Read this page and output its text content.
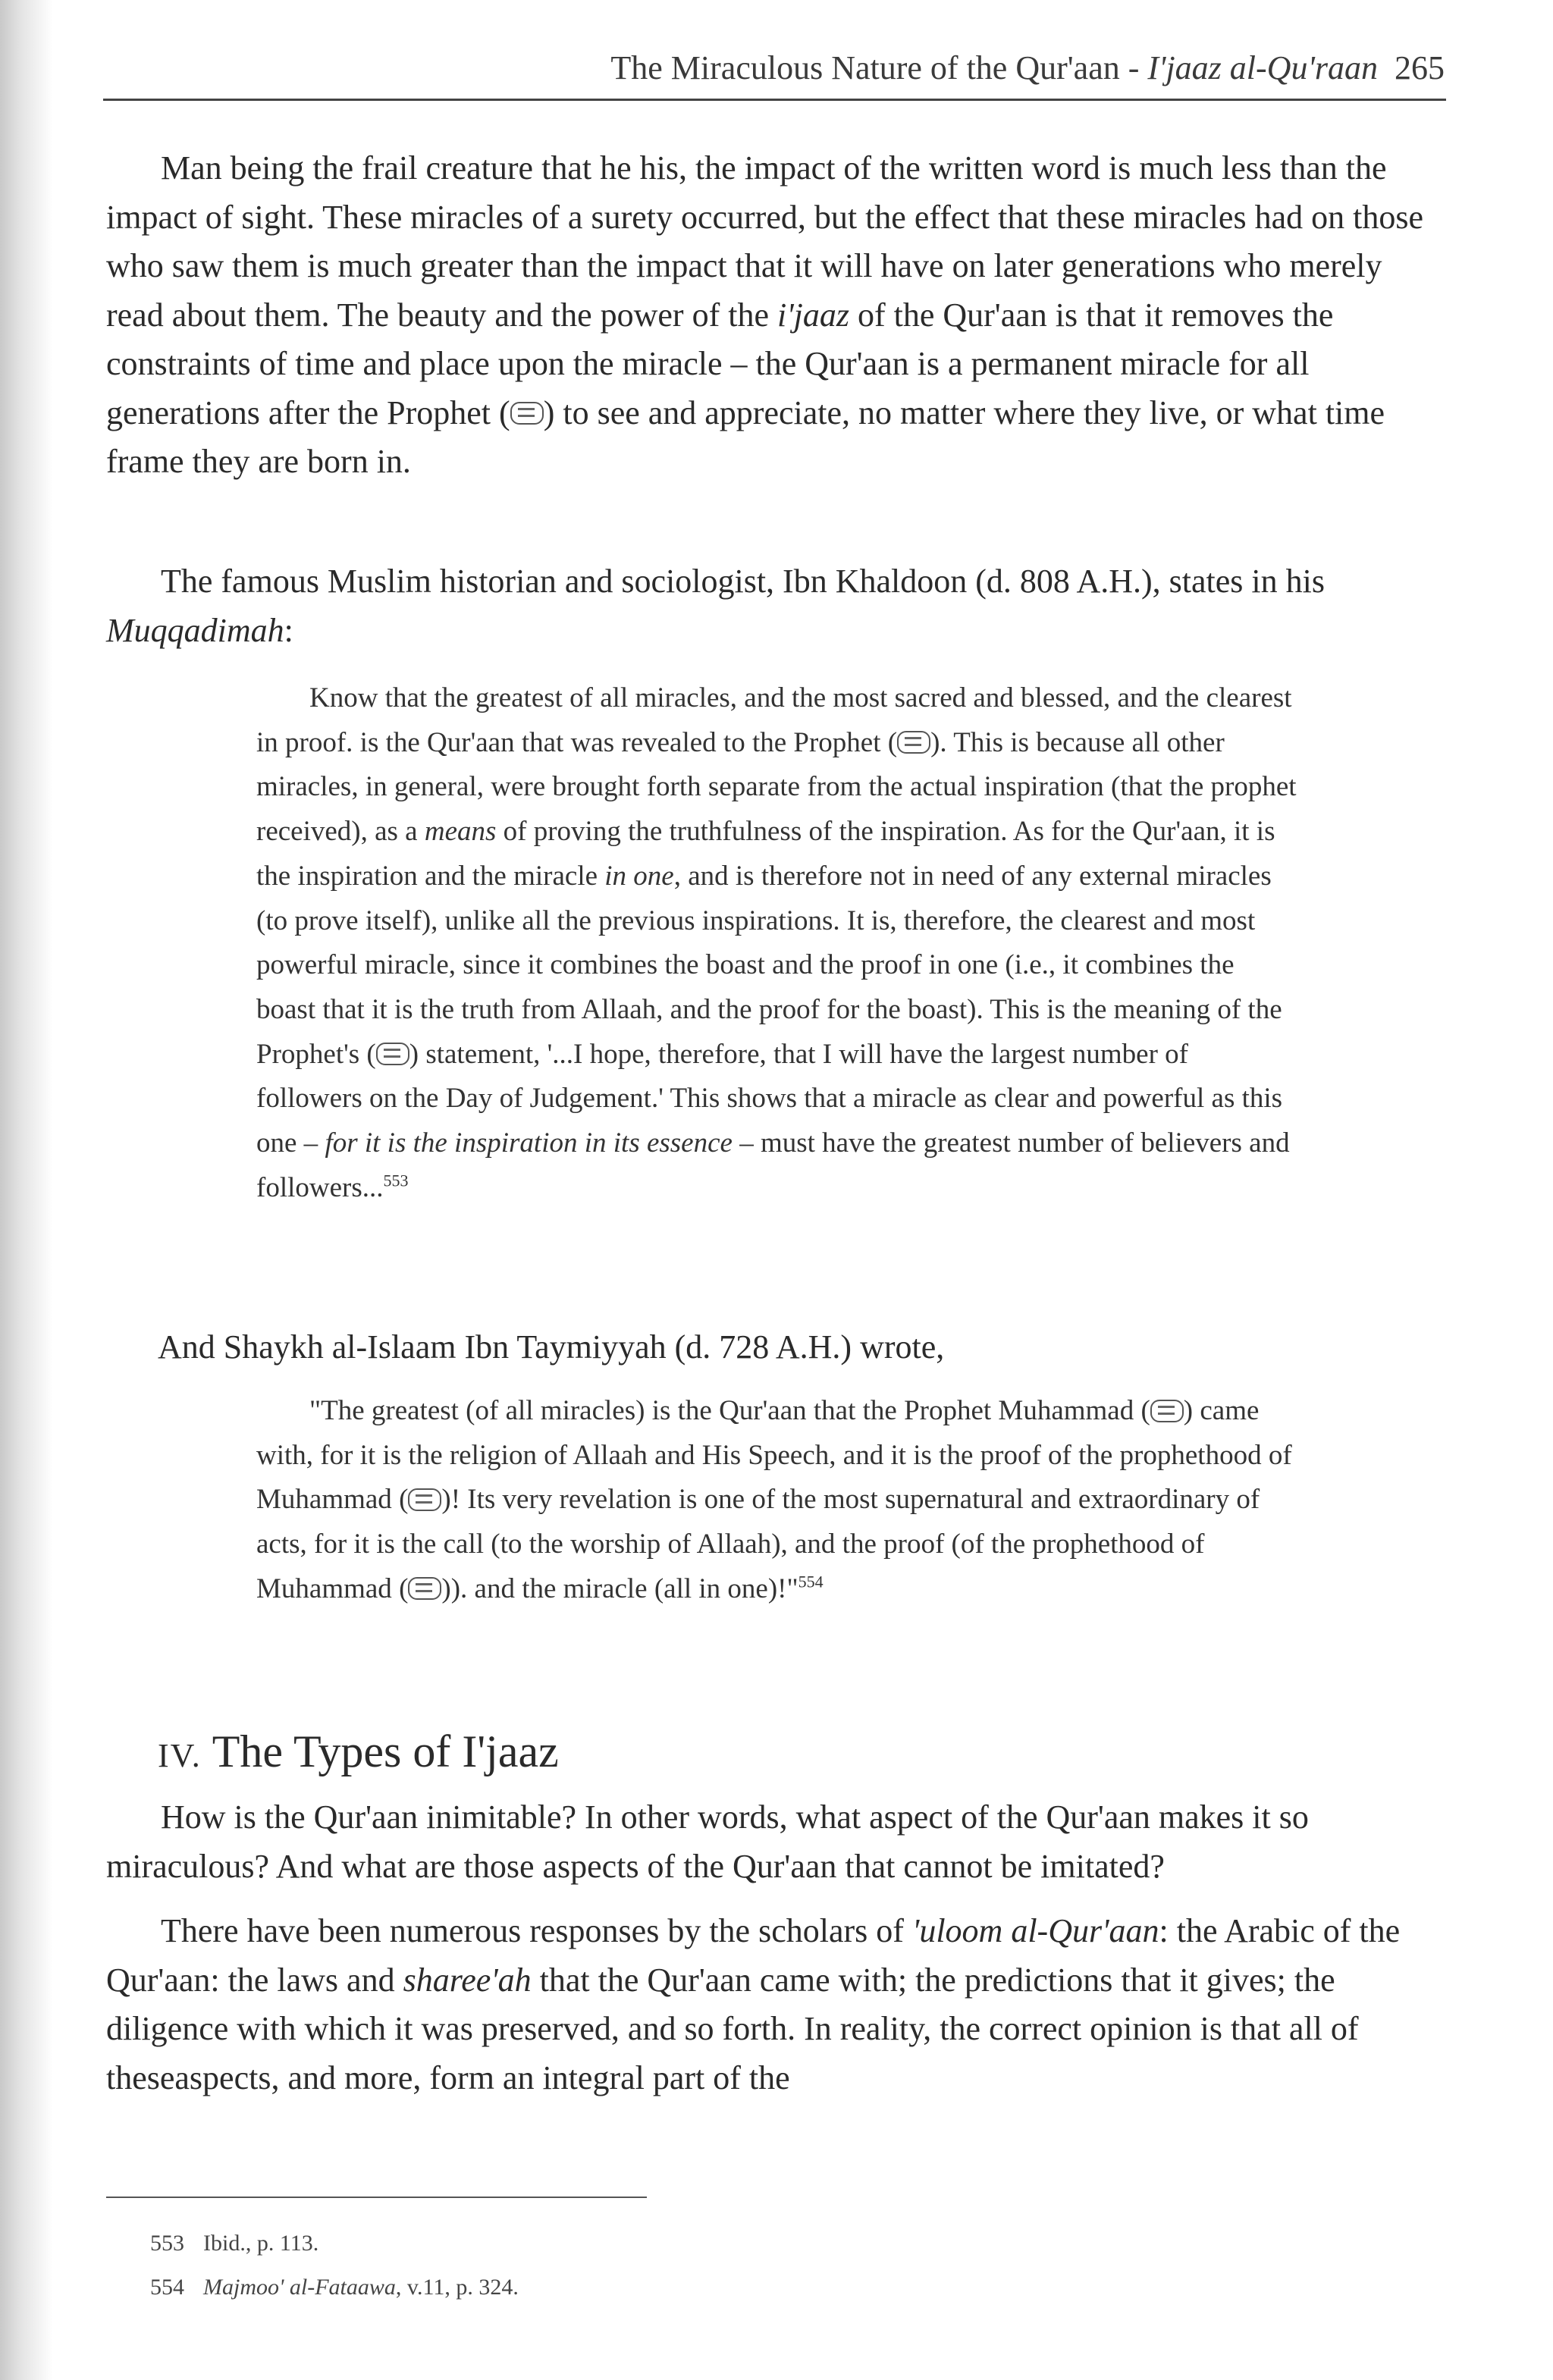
The Miraculous Nature of the Qur'aan - I'jaaz al-Qu'raan 265

Man being the frail creature that he his, the impact of the written word is much less than the impact of sight. These miracles of a surety occurred, but the effect that these miracles had on those who saw them is much greater than the impact that it will have on later generations who merely read about them. The beauty and the power of the i'jaaz of the Qur'aan is that it removes the constraints of time and place upon the miracle – the Qur'aan is a permanent miracle for all generations after the Prophet ( ) to see and appreciate, no matter where they live, or what time frame they are born in.

The famous Muslim historian and sociologist, Ibn Khaldoon (d. 808 A.H.), states in his Muqqadimah:

Know that the greatest of all miracles, and the most sacred and blessed, and the clearest in proof. is the Qur'aan that was revealed to the Prophet ( ). This is because all other miracles, in general, were brought forth separate from the actual inspiration (that the prophet received), as a means of proving the truthfulness of the inspiration. As for the Qur'aan, it is the inspiration and the miracle in one, and is therefore not in need of any external miracles (to prove itself), unlike all the previous inspirations. It is, therefore, the clearest and most powerful miracle, since it combines the boast and the proof in one (i.e., it combines the boast that it is the truth from Allaah, and the proof for the boast). This is the meaning of the Prophet's ( ) statement, '...I hope, therefore, that I will have the largest number of followers on the Day of Judgement.' This shows that a miracle as clear and powerful as this one – for it is the inspiration in its essence – must have the greatest number of believers and followers...$^{553}$

And Shaykh al-Islaam Ibn Taymiyyah (d. 728 A.H.) wrote,

"The greatest (of all miracles) is the Qur'aan that the Prophet Muhammad ( ) came with, for it is the religion of Allaah and His Speech, and it is the proof of the prophethood of Muhammad ( )! Its very revelation is one of the most supernatural and extraordinary of acts, for it is the call (to the worship of Allaah), and the proof (of the prophethood of Muhammad ( )). and the miracle (all in one)!"$^{554}$

IV. The Types of I'jaaz

How is the Qur'aan inimitable? In other words, what aspect of the Qur'aan makes it so miraculous? And what are those aspects of the Qur'aan that cannot be imitated?

There have been numerous responses by the scholars of 'uloom al-Qur'aan: the Arabic of the Qur'aan: the laws and sharee'ah that the Qur'aan came with; the predictions that it gives; the diligence with which it was preserved, and so forth. In reality, the correct opinion is that all of theseaspects, and more, form an integral part of the

553 Ibid., p. 113.
554 Majmoo' al-Fataawa, v.11, p. 324.
